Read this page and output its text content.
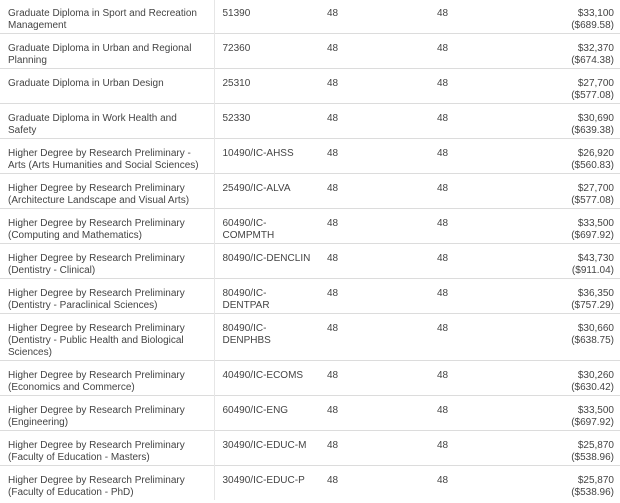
Graduate Diploma in Sport and Recreation Management	51390	48	48	$33,100
($689.58)

Graduate Diploma in Urban and Regional Planning	72360	48	48	$32,370
($674.38)

Graduate Diploma in Urban Design	25310	48	48	$27,700
($577.08)

Graduate Diploma in Work Health and Safety	52330	48	48	$30,690
($639.38)

Higher Degree by Research Preliminary - Arts (Arts Humanities and Social Sciences)	10490/IC-AHSS	48	48	$26,920
($560.83)

Higher Degree by Research Preliminary (Architecture Landscape and Visual Arts)	25490/IC-ALVA	48	48	$27,700
($577.08)

Higher Degree by Research Preliminary (Computing and Mathematics)	60490/IC-COMPMTH	48	48	$33,500
($697.92)

Higher Degree by Research Preliminary (Dentistry - Clinical)	80490/IC-DENCLIN	48	48	$43,730
($911.04)

Higher Degree by Research Preliminary (Dentistry - Paraclinical Sciences)	80490/IC-DENTPAR	48	48	$36,350
($757.29)

Higher Degree by Research Preliminary (Dentistry - Public Health and Biological Sciences)	80490/IC-DENPHBS	48	48	$30,660
($638.75)

Higher Degree by Research Preliminary (Economics and Commerce)	40490/IC-ECOMS	48	48	$30,260
($630.42)

Higher Degree by Research Preliminary (Engineering)	60490/IC-ENG	48	48	$33,500
($697.92)

Higher Degree by Research Preliminary (Faculty of Education - Masters)	30490/IC-EDUC-M	48	48	$25,870
($538.96)

Higher Degree by Research Preliminary (Faculty of Education - PhD)	30490/IC-EDUC-P	48	48	$25,870
($538.96)
